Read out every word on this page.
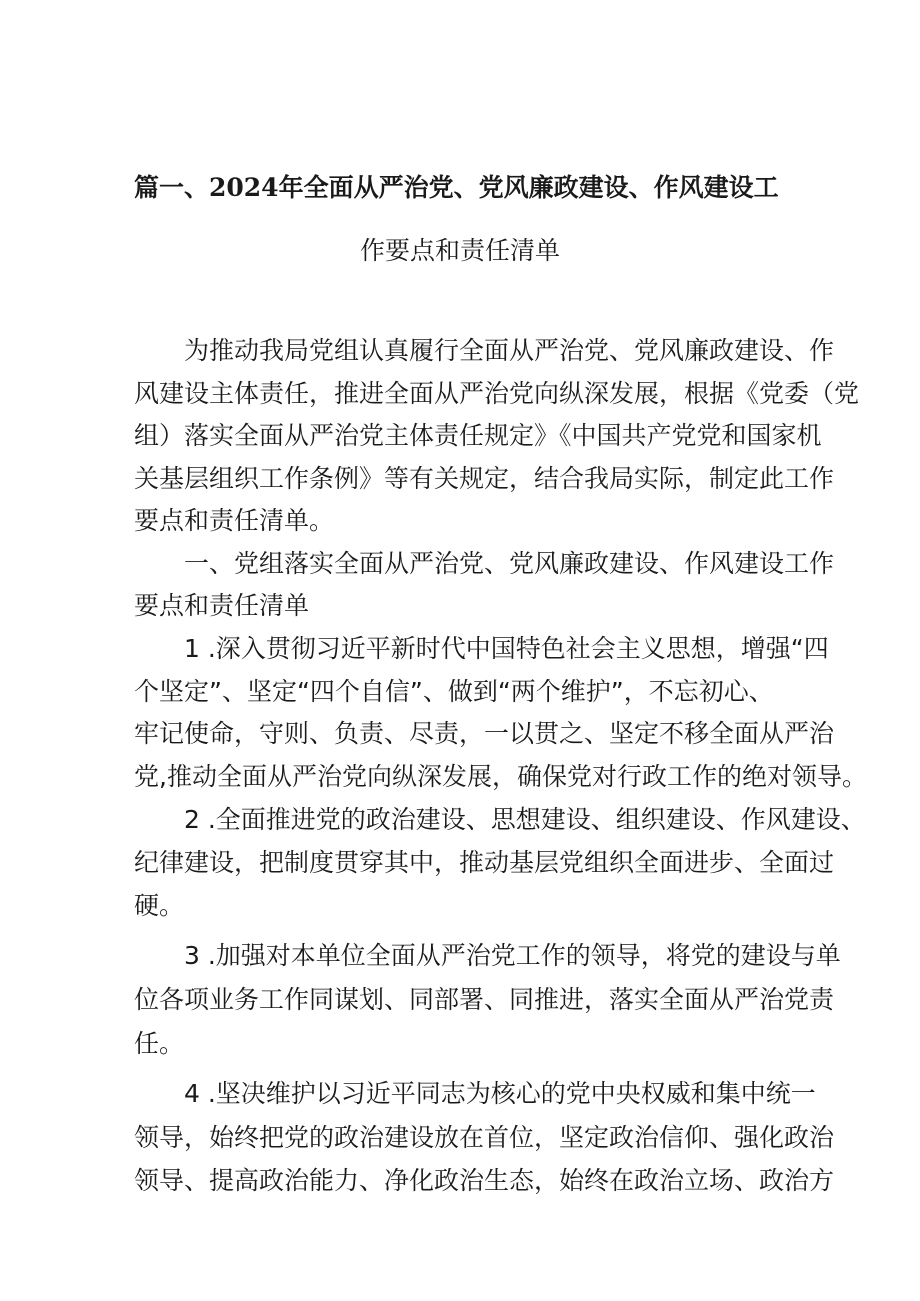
篇一、2024年全面从严治党、党风廉政建设、作风建设工
作要点和责任清单
为推动我局党组认真履行全面从严治党、党风廉政建设、作
风建设主体责任，推进全面从严治党向纵深发展，根据《党委（党
组）落实全面从严治党主体责任规定》《中国共产党党和国家机
关基层组织工作条例》等有关规定，结合我局实际，制定此工作
要点和责任清单。
一、党组落实全面从严治党、党风廉政建设、作风建设工作
要点和责任清单
1 .深入贯彻习近平新时代中国特色社会主义思想，增强“四
个坚定”、坚定“四个自信”、做到“两个维护”，不忘初心、
牢记使命，守则、负责、尽责，一以贯之、坚定不移全面从严治
党,推动全面从严治党向纵深发展，确保党对行政工作的绝对领导。
2 .全面推进党的政治建设、思想建设、组织建设、作风建设、
纪律建设，把制度贯穿其中，推动基层党组织全面进步、全面过
硬。
3 .加强对本单位全面从严治党工作的领导，将党的建设与单
位各项业务工作同谋划、同部署、同推进，落实全面从严治党责
任。
4 .坚决维护以习近平同志为核心的党中央权威和集中统一
领导，始终把党的政治建设放在首位，坚定政治信仰、强化政治
领导、提高政治能力、净化政治生态，始终在政治立场、政治方
